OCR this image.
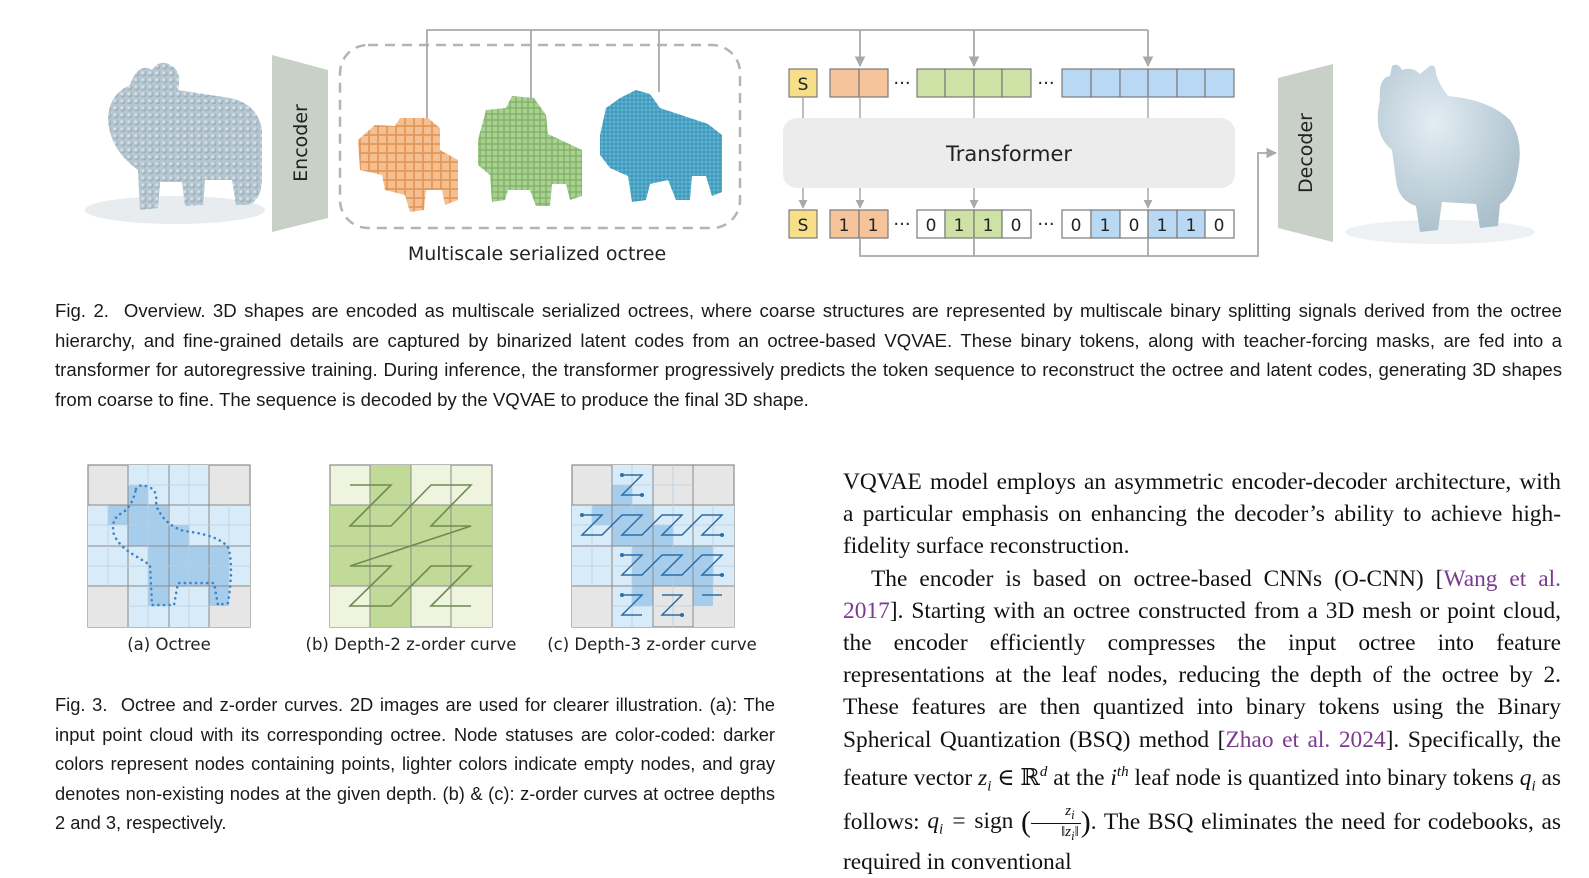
Encoder
Multiscale serialized octree
S	···	···
Transformer
S 1 1 ··· 0 1 1 0 ··· 0 1 0 1 1 0
Decoder

Fig. 2. Overview. 3D shapes are encoded as multiscale serialized octrees, where coarse structures are represented by multiscale binary splitting signals derived from the octree hierarchy, and fine-grained details are captured by binarized latent codes from an octree-based VQVAE. These binary tokens, along with teacher-forcing masks, are fed into a transformer for autoregressive training. During inference, the transformer progressively predicts the token sequence to reconstruct the octree and latent codes, generating 3D shapes from coarse to fine. The sequence is decoded by the VQVAE to produce the final 3D shape.

(a) Octree	(b) Depth-2 z-order curve (c) Depth-3 z-order curve

Fig. 3. Octree and z-order curves. 2D images are used for clearer illustration. (a): The input point cloud with its corresponding octree. Node statuses are color-coded: darker colors represent nodes containing points, lighter colors indicate empty nodes, and gray denotes non-existing nodes at the given depth. (b) & (c): z-order curves at octree depths 2 and 3, respectively.

VQVAE model employs an asymmetric encoder-decoder architecture, with a particular emphasis on enhancing the decoder’s ability to achieve high-fidelity surface reconstruction.

The encoder is based on octree-based CNNs (O-CNN) [Wang et al. 2017]. Starting with an octree constructed from a 3D mesh or point cloud, the encoder efficiently compresses the input octree into feature representations at the leaf nodes, reducing the depth of the octree by 2. These features are then quantized into binary tokens using the Binary Spherical Quantization (BSQ) method [Zhao et al. 2024]. Specifically, the feature vector $z_i$ ∈ ℝ$^d$ at the $i^{th}$ leaf node is quantized into binary tokens $q_i$ as follows: $q_i$ = sign ( $\frac{z_i}{‖z_i‖}$ ). The BSQ eliminates the need for codebooks, as required in conventional
